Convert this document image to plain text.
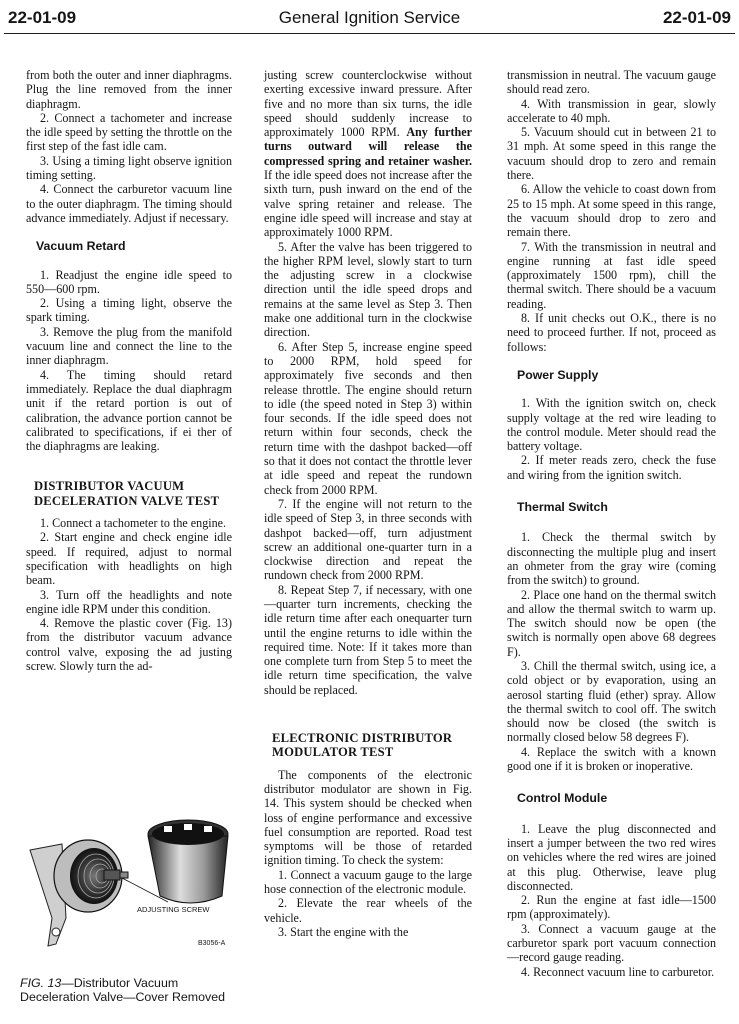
22-01-09	General Ignition Service	22-01-09

from both the outer and inner diaphragms. Plug the line removed from the inner diaphragm.

2. Connect a tachometer and increase the idle speed by setting the throttle on the first step of the fast idle cam.

3. Using a timing light observe ignition timing setting.

4. Connect the carburetor vacuum line to the outer diaphragm. The timing should advance immediately. Adjust if necessary.

Vacuum Retard

1. Readjust the engine idle speed to 550—600 rpm.

2. Using a timing light, observe the spark timing.

3. Remove the plug from the manifold vacuum line and connect the line to the inner diaphragm.

4. The timing should retard immediately. Replace the dual diaphragm unit if the retard portion is out of calibration, the advance portion cannot be calibrated to specifications, if ei ther of the diaphragms are leaking.

DISTRIBUTOR VACUUM
DECELERATION VALVE TEST

1. Connect a tachometer to the engine.

2. Start engine and check engine idle speed. If required, adjust to normal specification with headlights on high beam.

3. Turn off the headlights and note engine idle RPM under this condition.

4. Remove the plastic cover (Fig. 13) from the distributor vacuum advance control valve, exposing the ad justing screw. Slowly turn the ad-

justing screw counterclockwise without exerting excessive inward pressure. After five and no more than six turns, the idle speed should suddenly increase to approximately 1000 RPM. Any further turns outward will release the compressed spring and retainer washer. If the idle speed does not increase after the sixth turn, push inward on the end of the valve spring retainer and release. The engine idle speed will increase and stay at approximately 1000 RPM.

5. After the valve has been triggered to the higher RPM level, slowly start to turn the adjusting screw in a clockwise direction until the idle speed drops and remains at the same level as Step 3. Then make one additional turn in the clockwise direction.

6. After Step 5, increase engine speed to 2000 RPM, hold speed for approximately five seconds and then release throttle. The engine should return to idle (the speed noted in Step 3) within four seconds. If the idle speed does not return within four seconds, check the return time with the dashpot backed—off so that it does not contact the throttle lever at idle speed and repeat the rundown check from 2000 RPM.

7. If the engine will not return to the idle speed of Step 3, in three seconds with dashpot backed—off, turn adjustment screw an additional one-quarter turn in a clockwise direction and repeat the rundown check from 2000 RPM.

8. Repeat Step 7, if necessary, with one—quarter turn increments, checking the idle return time after each onequarter turn until the engine returns to idle within the required time. Note: If it takes more than one complete turn from Step 5 to meet the idle return time specification, the valve should be replaced.

ELECTRONIC DISTRIBUTOR
MODULATOR TEST

The components of the electronic distributor modulator are shown in Fig. 14. This system should be checked when loss of engine performance and excessive fuel consumption are reported. Road test symptoms will be those of retarded ignition timing. To check the system:

1. Connect a vacuum gauge to the large hose connection of the electronic module.

2. Elevate the rear wheels of the vehicle.

3. Start the engine with the

transmission in neutral. The vacuum gauge should read zero.

4. With transmission in gear, slowly accelerate to 40 mph.

5. Vacuum should cut in between 21 to 31 mph. At some speed in this range the vacuum should drop to zero and remain there.

6. Allow the vehicle to coast down from 25 to 15 mph. At some speed in this range, the vacuum should drop to zero and remain there.

7. With the transmission in neutral and engine running at fast idle speed (approximately 1500 rpm), chill the thermal switch. There should be a vacuum reading.

8. If unit checks out O.K., there is no need to proceed further. If not, proceed as follows:

Power Supply

1. With the ignition switch on, check supply voltage at the red wire leading to the control module. Meter should read the battery voltage.

2. If meter reads zero, check the fuse and wiring from the ignition switch.

Thermal Switch

1. Check the thermal switch by disconnecting the multiple plug and insert an ohmeter from the gray wire (coming from the switch) to ground.

2. Place one hand on the thermal switch and allow the thermal switch to warm up. The switch should now be open (the switch is normally open above 68 degrees F).

3. Chill the thermal switch, using ice, a cold object or by evaporation, using an aerosol starting fluid (ether) spray. Allow the thermal switch to cool off. The switch should now be closed (the switch is normally closed below 58 degrees F).

4. Replace the switch with a known good one if it is broken or inoperative.

Control Module

1. Leave the plug disconnected and insert a jumper between the two red wires on vehicles where the red wires are joined at this plug. Otherwise, leave plug disconnected.

2. Run the engine at fast idle—1500 rpm (approximately).

3. Connect a vacuum gauge at the carburetor spark port vacuum connection—record gauge reading.

4. Reconnect vacuum line to carburetor.

ADJUSTING SCREW
B3056-A
FIG. 13—Distributor Vacuum Deceleration Valve—Cover Removed
